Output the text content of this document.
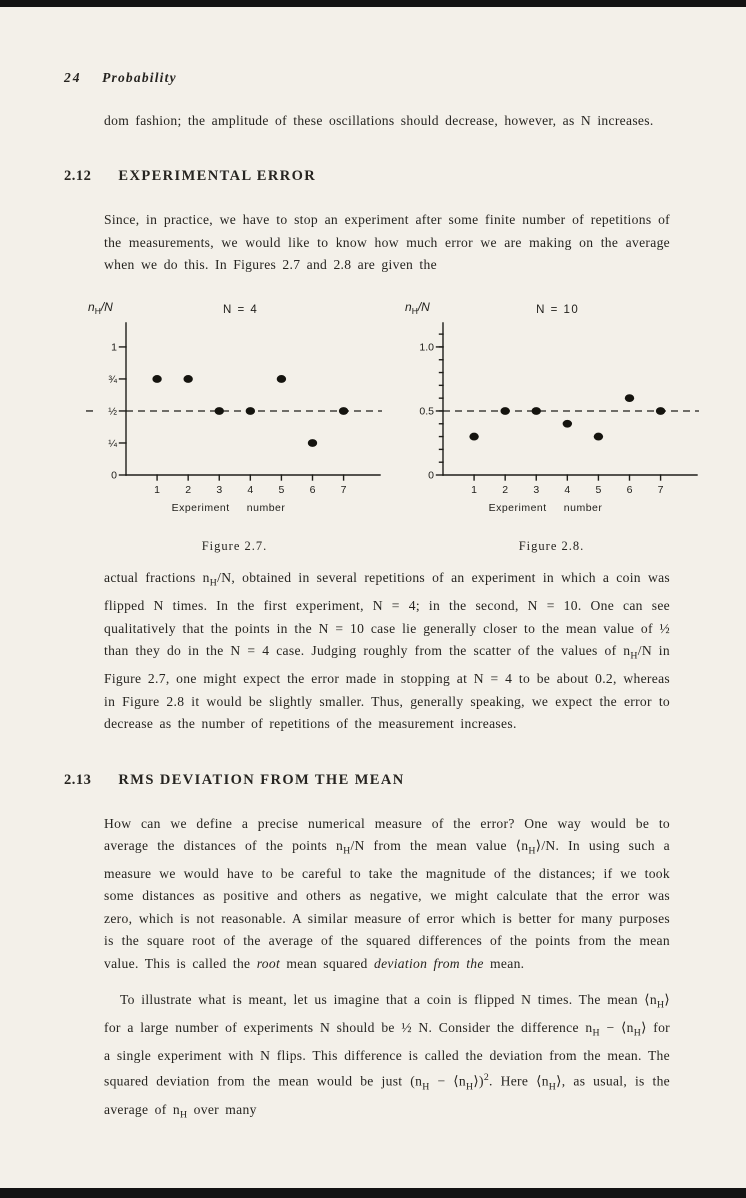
24 Probability

dom fashion; the amplitude of these oscillations should decrease, however, as N increases.

2.12 EXPERIMENTAL ERROR

Since, in practice, we have to stop an experiment after some finite number of repetitions of the measurements, we would like to know how much error we are making on the average when we do this. In Figures 2.7 and 2.8 are given the

1
¾
½
¼
0
1 2 3 4 5 6 7
$n_H/N$	N = 4
Experiment     number
Figure 2.7.
1.0
0.5
0
1 2 3 4 5 6 7
$n_H/N$	N = 10
Experiment     number
Figure 2.8.

actual fractions $n_H/N$, obtained in several repetitions of an experiment in which a coin was flipped N times. In the first experiment, N = 4; in the second, N = 10. One can see qualitatively that the points in the N = 10 case lie generally closer to the mean value of ½ than they do in the N = 4 case. Judging roughly from the scatter of the values of $n_H/N$ in Figure 2.7, one might expect the error made in stopping at N = 4 to be about 0.2, whereas in Figure 2.8 it would be slightly smaller. Thus, generally speaking, we expect the error to decrease as the number of repetitions of the measurement increases.

2.13 RMS DEVIATION FROM THE MEAN

How can we define a precise numerical measure of the error? One way would be to average the distances of the points $n_H/N$ from the mean value $⟨n_H⟩/N$. In using such a measure we would have to be careful to take the magnitude of the distances; if we took some distances as positive and others as negative, we might calculate that the error was zero, which is not reasonable. A similar measure of error which is better for many purposes is the square root of the average of the squared differences of the points from the mean value. This is called the root mean squared deviation from the mean.

To illustrate what is meant, let us imagine that a coin is flipped N times. The mean $⟨n_H⟩$ for a large number of experiments N should be ½ N. Consider the difference $n_H$ − $⟨n_H⟩$ for a single experiment with N flips. This difference is called the deviation from the mean. The squared deviation from the mean would be just ($n_H$ − $⟨n_H⟩)^2$. Here $⟨n_H⟩$, as usual, is the average of $n_H$ over many
